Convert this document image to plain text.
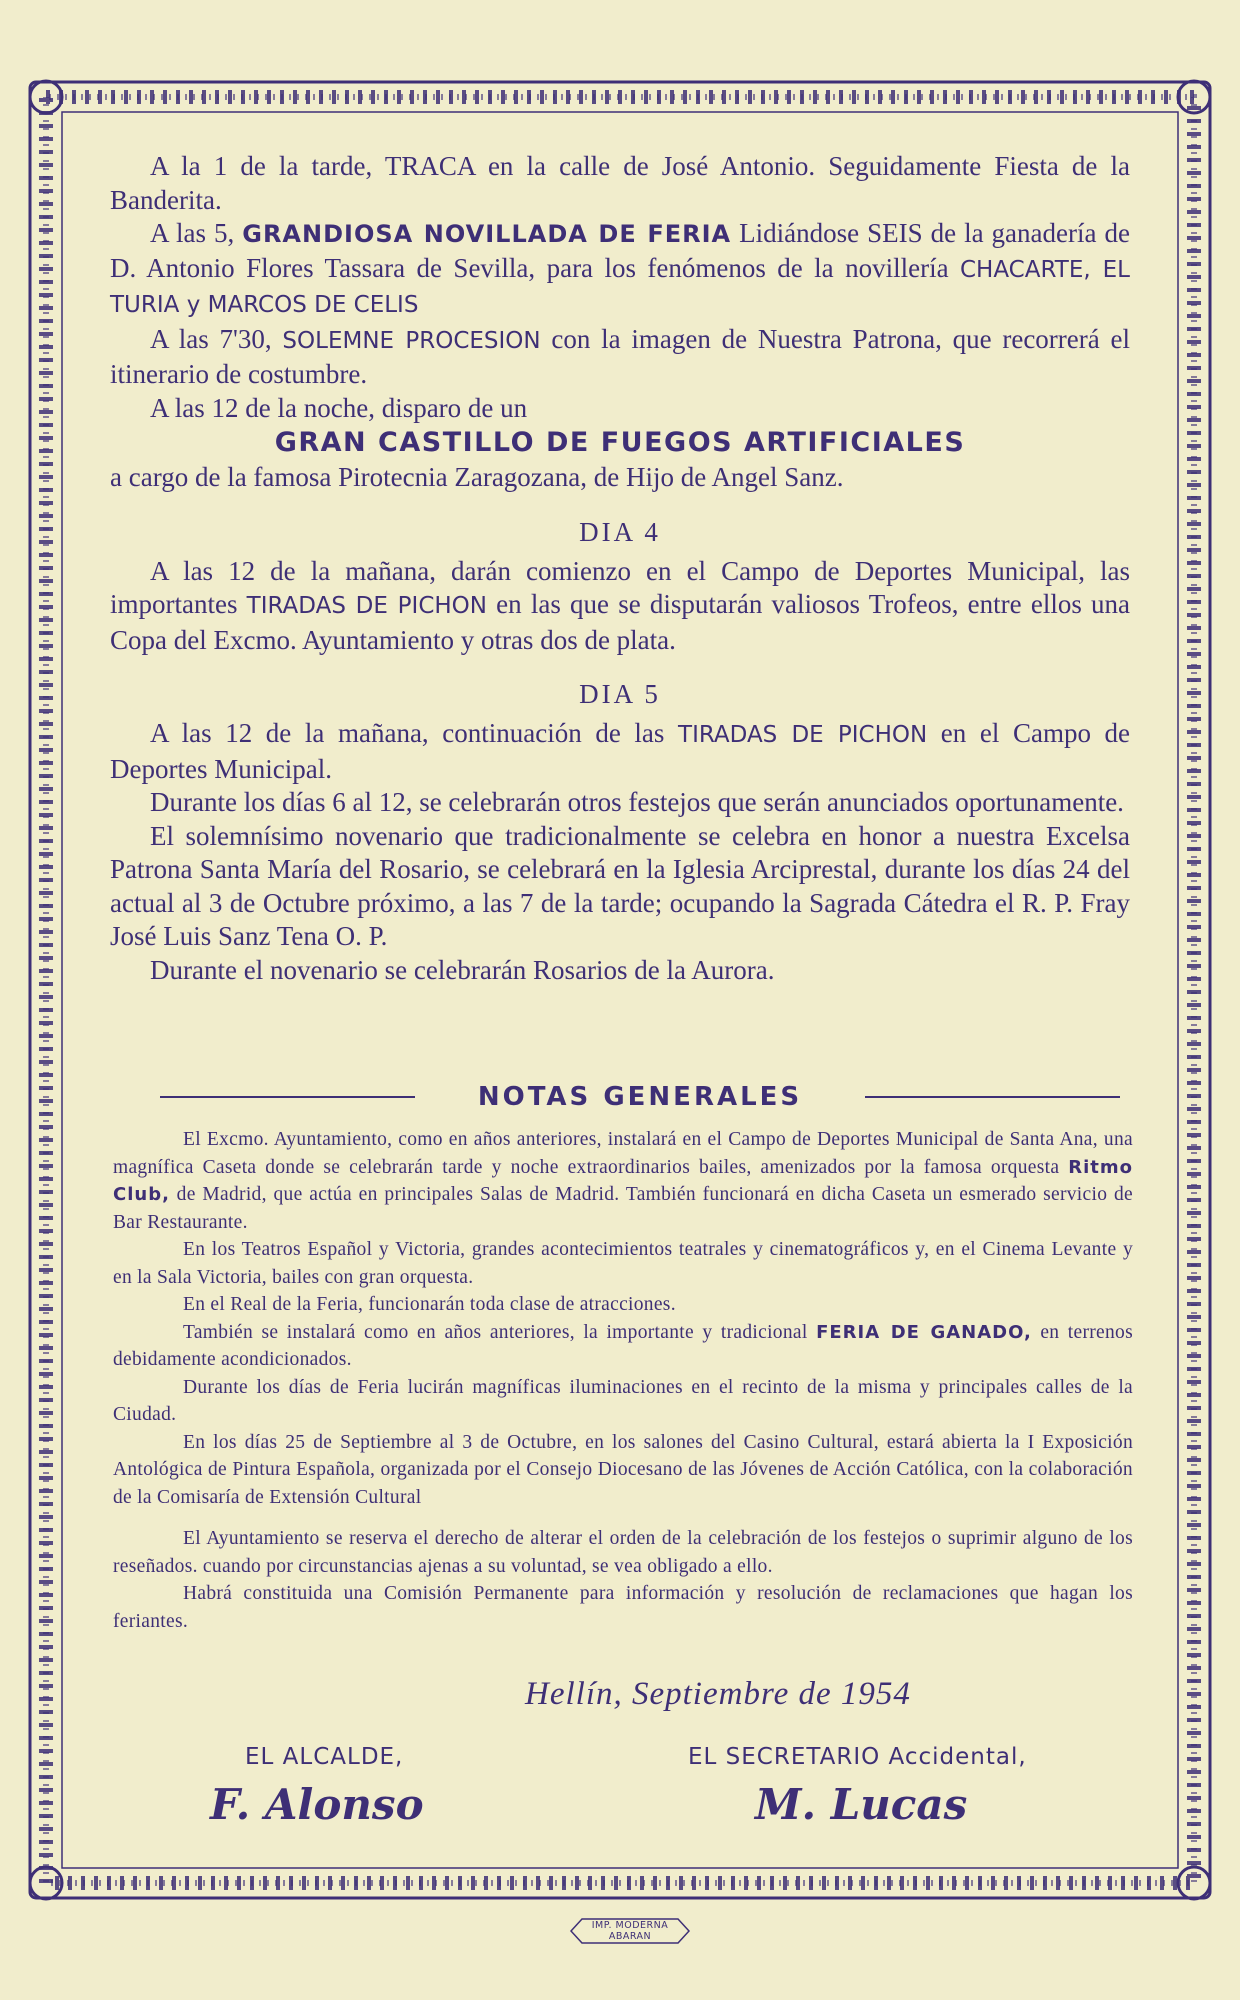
A la 1 de la tarde, TRACA en la calle de José Antonio. Seguidamente Fiesta de la Banderita.

A las 5, GRANDIOSA NOVILLADA DE FERIA Lidiándose SEIS de la ganadería de D. Antonio Flores Tassara de Sevilla, para los fenómenos de la novillería CHACARTE, EL TURIA y MARCOS DE CELIS

A las 7'30, SOLEMNE PROCESION con la imagen de Nuestra Patrona, que recorrerá el itinerario de costumbre.

A las 12 de la noche, disparo de un

GRAN CASTILLO DE FUEGOS ARTIFICIALES

a cargo de la famosa Pirotecnia Zaragozana, de Hijo de Angel Sanz.

DIA 4

A las 12 de la mañana, darán comienzo en el Campo de Deportes Municipal, las importantes TIRADAS DE PICHON en las que se disputarán valiosos Trofeos, entre ellos una Copa del Excmo. Ayuntamiento y otras dos de plata.

DIA 5

A las 12 de la mañana, continuación de las TIRADAS DE PICHON en el Campo de Deportes Municipal.

Durante los días 6 al 12, se celebrarán otros festejos que serán anunciados oportunamente.

El solemnísimo novenario que tradicionalmente se celebra en honor a nuestra Excelsa Patrona Santa María del Rosario, se celebrará en la Iglesia Arciprestal, durante los días 24 del actual al 3 de Octubre próximo, a las 7 de la tarde; ocupando la Sagrada Cátedra el R. P. Fray José Luis Sanz Tena O. P.

Durante el novenario se celebrarán Rosarios de la Aurora.

NOTAS GENERALES

El Excmo. Ayuntamiento, como en años anteriores, instalará en el Campo de Deportes Municipal de Santa Ana, una magnífica Caseta donde se celebrarán tarde y noche extraordinarios bailes, amenizados por la famosa orquesta Ritmo Club, de Madrid, que actúa en principales Salas de Madrid. También funcionará en dicha Caseta un esmerado servicio de Bar Restaurante.

En los Teatros Español y Victoria, grandes acontecimientos teatrales y cinematográficos y, en el Cinema Levante y en la Sala Victoria, bailes con gran orquesta.

En el Real de la Feria, funcionarán toda clase de atracciones.

También se instalará como en años anteriores, la importante y tradicional FERIA DE GANADO, en terrenos debidamente acondicionados.

Durante los días de Feria lucirán magníficas iluminaciones en el recinto de la misma y principales calles de la Ciudad.

En los días 25 de Septiembre al 3 de Octubre, en los salones del Casino Cultural, estará abierta la I Exposición Antológica de Pintura Española, organizada por el Consejo Diocesano de las Jóvenes de Acción Católica, con la colaboración de la Comisaría de Extensión Cultural

El Ayuntamiento se reserva el derecho de alterar el orden de la celebración de los festejos o suprimir alguno de los reseñados. cuando por circunstancias ajenas a su voluntad, se vea obligado a ello.

Habrá constituida una Comisión Permanente para información y resolución de reclamaciones que hagan los feriantes.

Hellín, Septiembre de 1954
EL ALCALDE,	EL SECRETARIO Accidental,
F. Alonso	M. Lucas
IMP. MODERNA
ABARAN
